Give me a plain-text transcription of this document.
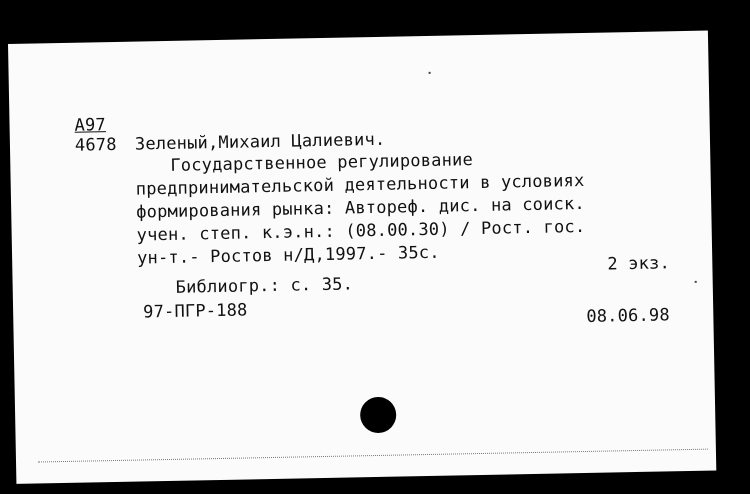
А97
4678 Зеленый,Михаил Цалиевич.
Государственное регулирование
предпринимательской деятельности в условиях
формирования рынка: Автореф. дис. на соиск.
учен. степ. к.э.н.: (08.00.30) / Рост. гос.
ун-т.- Ростов н/Д,1997.- 35с.	2 экз.
Библиогр.: с. 35.
97-ПГР-188	08.06.98
